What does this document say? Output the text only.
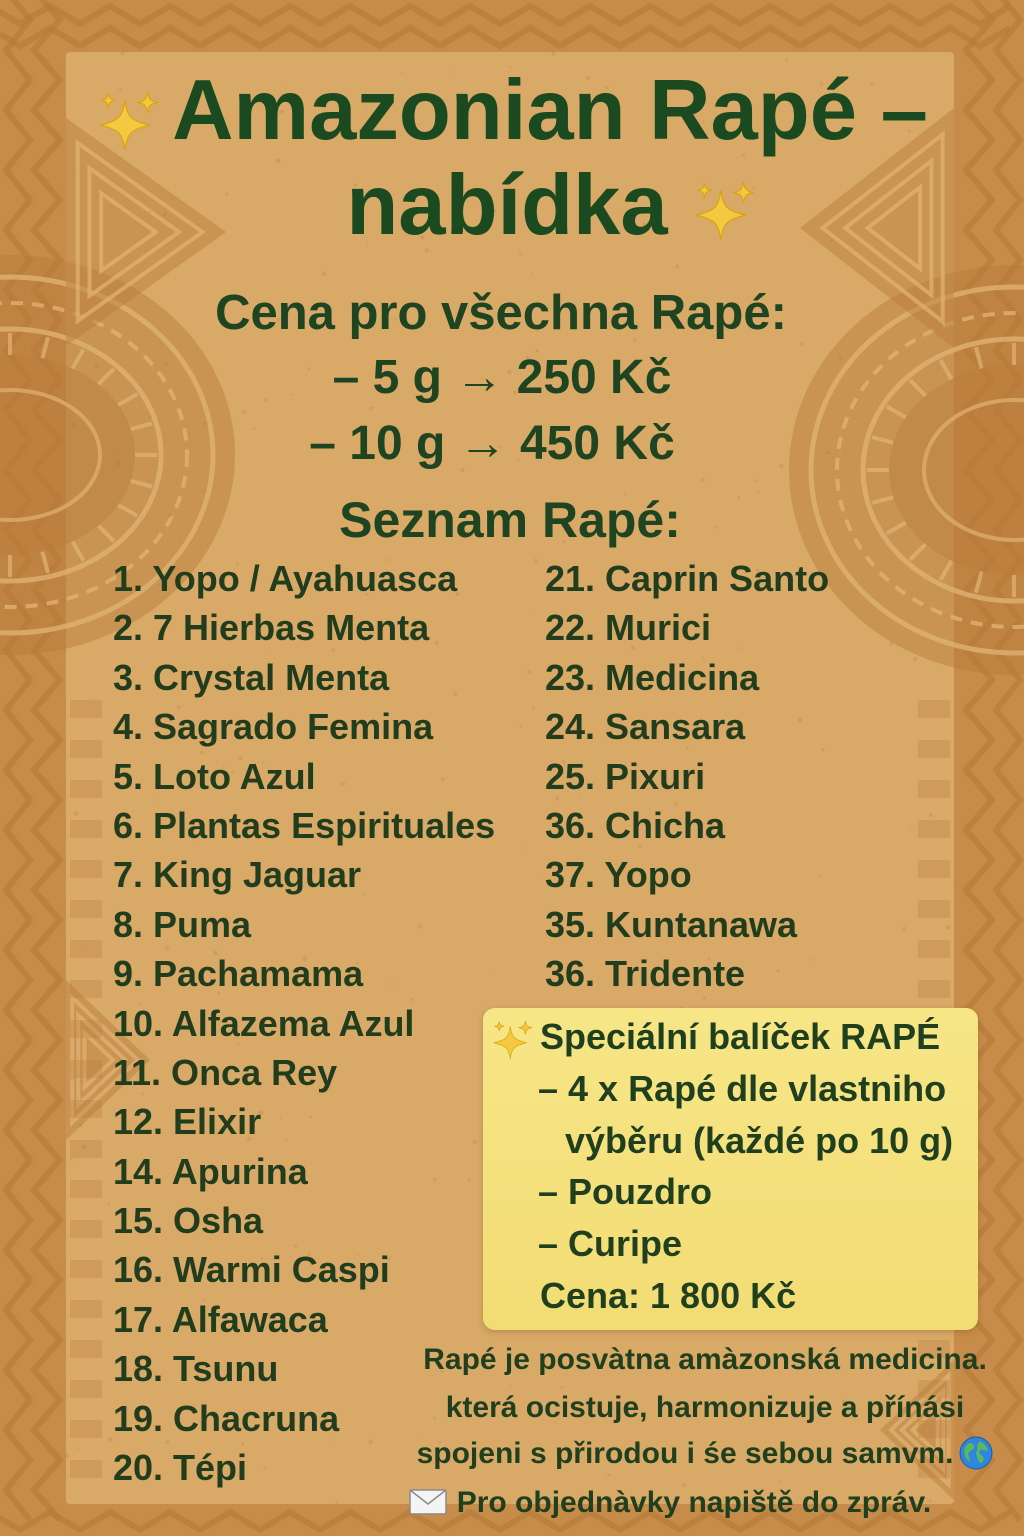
Amazonian Rapé –
nabídka
Cena pro všechna Rapé:
– 5 g → 250 Kč
– 10 g → 450 Kč
Seznam Rapé:
1. Yopo / Ayahuasca
2. 7 Hierbas Menta
3. Crystal Menta
4. Sagrado Femina
5. Loto Azul
6. Plantas Espirituales
7. King Jaguar
8. Puma
9. Pachamama
10. Alfazema Azul
11. Onca Rey
12. Elixir
14. Apurina
15. Osha
16. Warmi Caspi
17. Alfawaca
18. Tsunu
19. Chacruna
20. Tépi
21. Caprin Santo
22. Murici
23. Medicina
24. Sansara
25. Pixuri
36. Chicha
37. Yopo
35. Kuntanawa
36. Tridente
Speciální balíček RAPÉ
– 4 x Rapé dle vlastniho
výběru (každé po 10 g)
– Pouzdro
– Curipe
Cena: 1 800 Kč
Rapé je posvàtna amàzonská medicina.
která ocistuje, harmonizuje a přínási
spojeni s přirodou i śe sebou samvm.
Pro objednàvky napiště do zpráv.
